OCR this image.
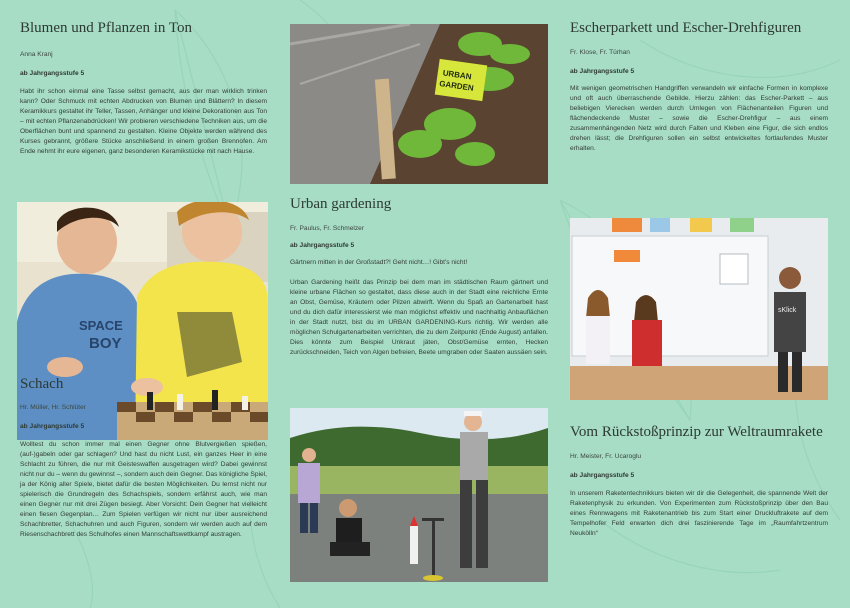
Blumen und Pflanzen in Ton

Anna Kranj

ab Jahrgangsstufe 5

Habt ihr schon einmal eine Tasse selbst gemacht, aus der man wirklich trinken kann? Oder Schmuck mit echten Abdrucken von Blumen und Blättern? In diesem Keramikkurs gestaltet ihr Teller, Tassen, Anhänger und kleine Dekorationen aus Ton – mit echten Pflanzenabdrücken! Wir probieren verschiedene Techniken aus, um die Oberflächen bunt und spannend zu gestalten. Kleine Objekte werden während des Kurses gebrannt, größere Stücke anschließend in einem großen Brennofen. Am Ende nehmt ihr eure eigenen, ganz besonderen Keramikstücke mit nach Hause.

SPACE
BOY
Schach

Hr. Müller, Hr. Schlüter

ab Jahrgangsstufe 5

Wolltest du schon immer mal einen Gegner ohne Blutvergießen spießen, (auf-)gabeln oder gar schlagen? Und hast du nicht Lust, ein ganzes Heer in eine Schlacht zu führen, die nur mit Geisteswaffen ausgetragen wird? Dabei gewinnst nicht nur du – wenn du gewinnst –, sondern auch dein Gegner. Das königliche Spiel, ja der König aller Spiele, bietet dafür die besten Möglichkeiten. Du lernst nicht nur spielerisch die Grundregeln des Schachspiels, sondern erfährst auch, wie man einen Gegner nur mit drei Zügen besiegt. Aber Vorsicht: Dein Gegner hat vielleicht einen fiesen Gegenplan… Zum Spielen verfügen wir nicht nur über ausreichend Schachbretter, Schachuhren und auch Figuren, sondern wir werden auch auf dem Riesenschachbrett des Schulhofes einen Mannschaftswettkampf austragen.

URBAN
GARDEN
Urban gardening

Fr. Paulus, Fr. Schmelzer

ab Jahrgangsstufe 5

Gärtnern mitten in der Großstadt?! Geht nicht…! Gibt's nicht!

Urban Gardening heißt das Prinzip bei dem man im städtischen Raum gärtnert und kleine urbane Flächen so gestaltet, dass diese auch in der Stadt eine reichliche Ernte an Obst, Gemüse, Kräutern oder Pilzen abwirft. Wenn du Spaß an Gartenarbeit hast und du dich dafür interessierst wie man möglichst effektiv und nachhaltig Anbauflächen in der Stadt nutzt, bist du im URBAN GARDENING-Kurs richtig. Wir werden alle möglichen Schulgartenarbeiten verrichten, die zu dem Zeitpunkt (Ende August) anfallen. Dies könnte zum Beispiel Unkraut jäten, Obst/Gemüse ernten, Hecken zurückschneiden, Teich von Algen befreien, Beete umgraben oder Saaten aussäen sein.

Escherparkett und Escher-Drehfiguren

Fr. Klose, Fr. Türhan

ab Jahrgangsstufe 5

Mit wenigen geometrischen Handgriffen verwandeln wir einfache Formen in komplexe und oft auch überraschende Gebilde. Hierzu zählen: das Escher-Parkett – aus beliebigen Vierecken werden durch Umlegen von Flächenanteilen Figuren und flächendeckende Muster – sowie die Escher-Drehfigur – aus einem zusammenhängenden Netz wird durch Falten und Kleben eine Figur, die sich endlos drehen lässt; die Drehfiguren sollen ein selbst entwickeltes fortlaufendes Muster erhalten.

sKlick
Vom Rückstoßprinzip zur Weltraumrakete

Hr. Meister, Fr. Ucaroglu

ab Jahrgangsstufe 5

In unserem Raketentechnikkurs bieten wir dir die Gelegenheit, die spannende Welt der Raketenphysik zu erkunden. Von Experimenten zum Rückstoßprinzip über den Bau eines Rennwagens mit Raketenantrieb bis zum Start einer Druckluftrakete auf dem Tempelhofer Feld erwarten dich drei faszinierende Tage im „Raumfahrtzentrum Neukölln“
